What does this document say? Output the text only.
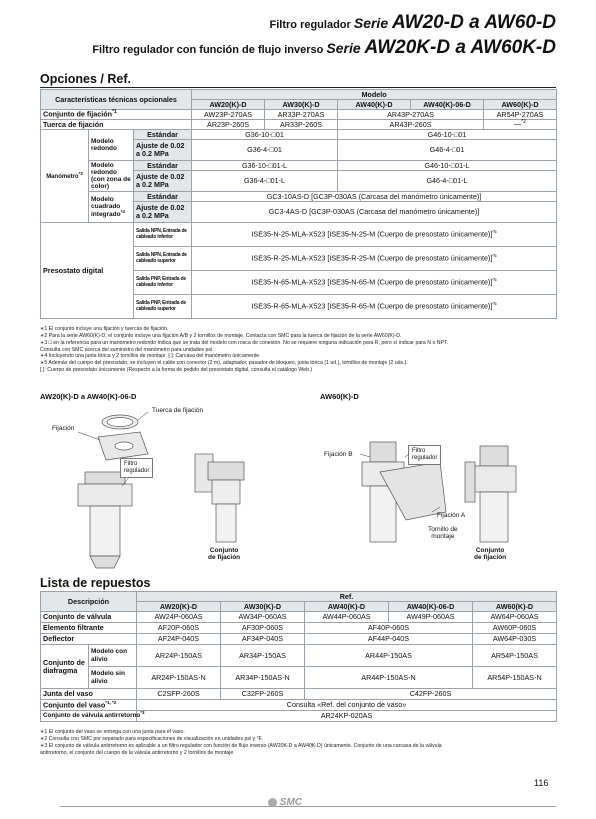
Filtro regulador Serie AW20-D a AW60-D
Filtro regulador con función de flujo inverso Serie AW20K-D a AW60K-D
Opciones / Ref.
Características técnicas opcionales			Modelo				
			AW20(K)-D	AW30(K)-D	AW40(K)-D	AW40(K)-06-D	AW60(K)-D
Conjunto de fijación$^{*1}$			AW23P-270AS	AR33P-270AS	AR43P-270AS		AR54P-270AS
Tuerca de fijación			AR23P-260S	AR33P-260S	AR43P-260S		—$^{*2}$
Manómetro$^{*3}$	Modelo redondo	Estándar	G36-10-□01		G46-10-□01		
		Ajuste de 0.02 a 0.2 MPa	G36-4-□01		G46-4-□01		
	Modelo redondo (con zona de color)	Estándar	G36-10-□01-L		G46-10-□01-L		
		Ajuste de 0.02 a 0.2 MPa	G36-4-□01-L		G46-4-□01-L		
	Modelo cuadrado integrado$^{*4}$	Estándar	GC3-10AS-D [GC3P-030AS (Carcasa del manómetro únicamente)]				
		Ajuste de 0.02 a 0.2 MPa	GC3-4AS-D [GC3P-030AS (Carcasa del manómetro únicamente)]				
Presostato digital		Salida NPN, Entrada de cableado inferior	ISE35-N-25-MLA-X523 [ISE35-N-25-M (Cuerpo de presostato únicamente)]$^{*5}$
		Salida NPN, Entrada de cableado superior	ISE35-R-25-MLA-X523 [ISE35-R-25-M (Cuerpo de presostato únicamente)]$^{*5}$
		Salida PNP, Entrada de cableado inferior	ISE35-N-65-MLA-X523 [ISE35-N-65-M (Cuerpo de presostato únicamente)]$^{*5}$
		Salida PNP, Entrada de cableado superior	ISE35-R-65-MLA-X523 [ISE35-R-65-M (Cuerpo de presostato únicamente)]$^{*5}$

∗1 El conjunto incluye una fijación y tuercas de fijación.

∗2 Para la serie AW60(K)-D, el conjunto incluye una fijación A/B y 2 tornillos de montaje. Contacta con SMC para la tuerca de fijación de la serie AW60(K)-D.

∗3 □ en la referencia para un manómetro redondo indica que se trata del modelo con rosca de conexión. No se requiere ninguna indicación para R, pero sí indicar para N o NPT.

Consulta con SMC acerca del suministro del manómetro para unidades psi.

∗4 Incluyendo una junta tórica y 2 tornillos de montaje. [ ]: Carcasa del manómetro únicamente

∗5 Además del cuerpo del presostato, se incluyen el cable con conector (2 m), adaptador, pasador de bloqueo, junta tórica (1 ud.), tornillos de montaje (2 uds.).

[ ]: Cuerpo de presostato únicamente (Respecto a la forma de pedido del presostato digital, consulta el catálogo Web.)

AW20(K)-D a AW40(K)-06-D	AW60(K)-D
Tuerca de fijación
Fijación
Filtro
regulador
Conjunto
de fijación
Fijación B	Filtro
regulador
Fijación A
Tornillo de
montaje
Conjunto
de fijación
Lista de repuestos
Descripción		Ref.				
		AW20(K)-D	AW30(K)-D	AW40(K)-D	AW40(K)-06-D	AW60(K)-D
Conjunto de válvula		AW24P-060AS	AW34P-060AS	AW44P-060AS	AW49P-060AS	AW64P-060AS
Elemento filtrante		AF20P-060S	AF30P-060S	AF40P-060S		AW60P-060S
Deflector		AF24P-040S	AF34P-040S	AF44P-040S		AW64P-030S
Conjunto de diafragma	Modelo con alivio	AR24P-150AS	AR34P-150AS	AR44P-150AS		AR54P-150AS
	Modelo sin alivio	AR24P-150AS-N	AR34P-150AS-N	AR44P-150AS-N		AR54P-150AS-N
Junta del vaso		C2SFP-260S	C32FP-260S	C42FP-260S		
Conjunto del vaso$^{*1, *2}$		Consulta «Ref. del conjunto de vaso»				
Conjunto de válvula antirretorno$^{*3}$		AR24KP-020AS				

∗1 El conjunto del vaso se entrega con una junta para el vaso.

∗2 Consulta con SMC por separado para especificaciones de visualización en unidades psi y °F.

∗3 El conjunto de válvula antirretorno es aplicable a un filtro regulador con función de flujo inverso (AW20K-D a AW40K-D) únicamente. Conjunto de una carcasa de la válvula

antirretorno, el conjunto del cuerpo de la válvula antirretorno y 2 tornillos de montaje

SMC
116
